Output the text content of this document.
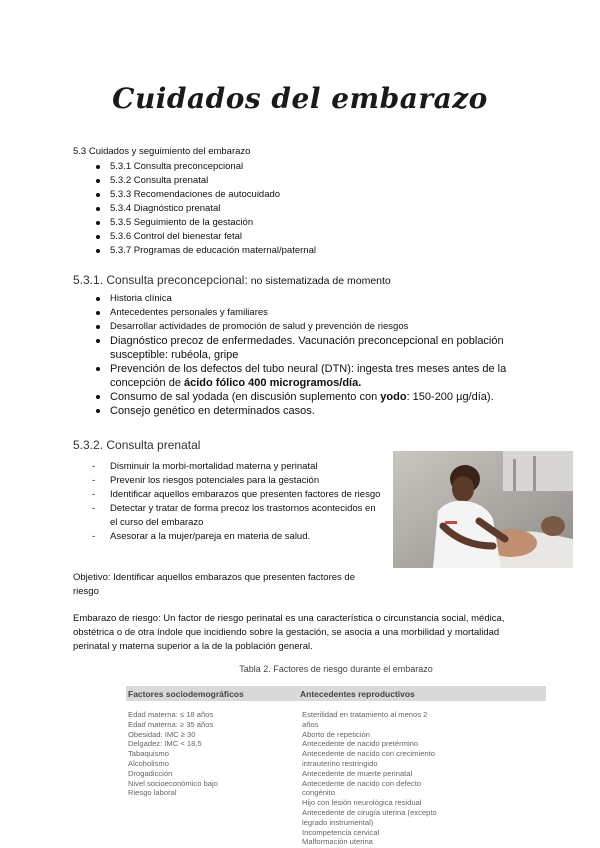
Cuidados del embarazo

5.3 Cuidados y seguimiento del embarazo

5.3.1 Consulta preconcepcional
5.3.2 Consulta prenatal
5.3.3 Recomendaciones de autocuidado
5.3.4 Diagnóstico prenatal
5.3.5 Seguimiento de la gestación
5.3.6 Control del bienestar fetal
5.3.7 Programas de educación maternal/paternal
5.3.1. Consulta preconcepcional: no sistematizada de momento
Historia clínica
Antecedentes personales y familiares
Desarrollar actividades de promoción de salud y prevención de riesgos
Diagnóstico precoz de enfermedades. Vacunación preconcepcional en población susceptible: rubéola, gripe
Prevención de los defectos del tubo neural (DTN): ingesta tres meses antes de la concepción de ácido fólico 400 microgramos/día.
Consumo de sal yodada (en discusión suplemento con yodo: 150-200 µg/día).
Consejo genético en determinados casos.
5.3.2. Consulta prenatal
- Disminuir la morbi-mortalidad materna y perinatal
- Prevenir los riesgos potenciales para la gestación
- Identificar aquellos embarazos que presenten factores de riesgo
- Detectar y tratar de forma precoz los trastornos acontecidos en el curso del embarazo
- Asesorar a la mujer/pareja en materia de salud.

Objetivo: Identificar aquellos embarazos que presenten factores de riesgo

Embarazo de riesgo: Un factor de riesgo perinatal es una característica o circunstancia social, médica, obstétrica o de otra índole que incidiendo sobre la gestación, se asocia a una morbilidad y mortalidad perinatal y materna superior a la de la población general.

Tabla 2. Factores de riesgo durante el embarazo

Factores sociodemográficos	Antecedentes reproductivos
Edad materna: ≤ 18 años
Edad materna: ≥ 35 años
Obesidad: IMC ≥ 30
Delgadez: IMC < 18,5
Tabaquismo
Alcoholismo
Drogadicción
Nivel socioeconómico bajo
Riesgo laboral
Esterilidad en tratamiento al menos 2
años
Aborto de repetición
Antecedente de nacido pretérmino
Antecedente de nacido con crecimiento
intrauterino restringido
Antecedente de muerte perinatal
Antecedente de nacido con defecto
congénito
Hijo con lesión neurológica residual
Antecedente de cirugía uterina (excepto
legrado instrumental)
Incompetencia cervical
Malformación uterina
